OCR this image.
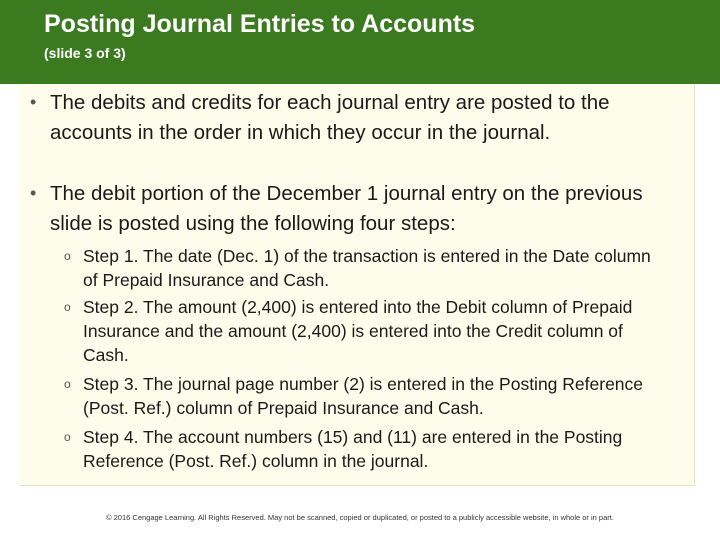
Posting Journal Entries to Accounts
(slide 3 of 3)
• The debits and credits for each journal entry are posted to the accounts in the order in which they occur in the journal.
• The debit portion of the December 1 journal entry on the previous slide is posted using the following four steps:
o Step 1. The date (Dec. 1) of the transaction is entered in the Date column of Prepaid Insurance and Cash.
o Step 2. The amount (2,400) is entered into the Debit column of Prepaid Insurance and the amount (2,400) is entered into the Credit column of Cash.
o Step 3. The journal page number (2) is entered in the Posting Reference (Post. Ref.) column of Prepaid Insurance and Cash.
o Step 4. The account numbers (15) and (11) are entered in the Posting Reference (Post. Ref.) column in the journal.
© 2016 Cengage Learning. All Rights Reserved. May not be scanned, copied or duplicated, or posted to a publicly accessible website, in whole or in part.
